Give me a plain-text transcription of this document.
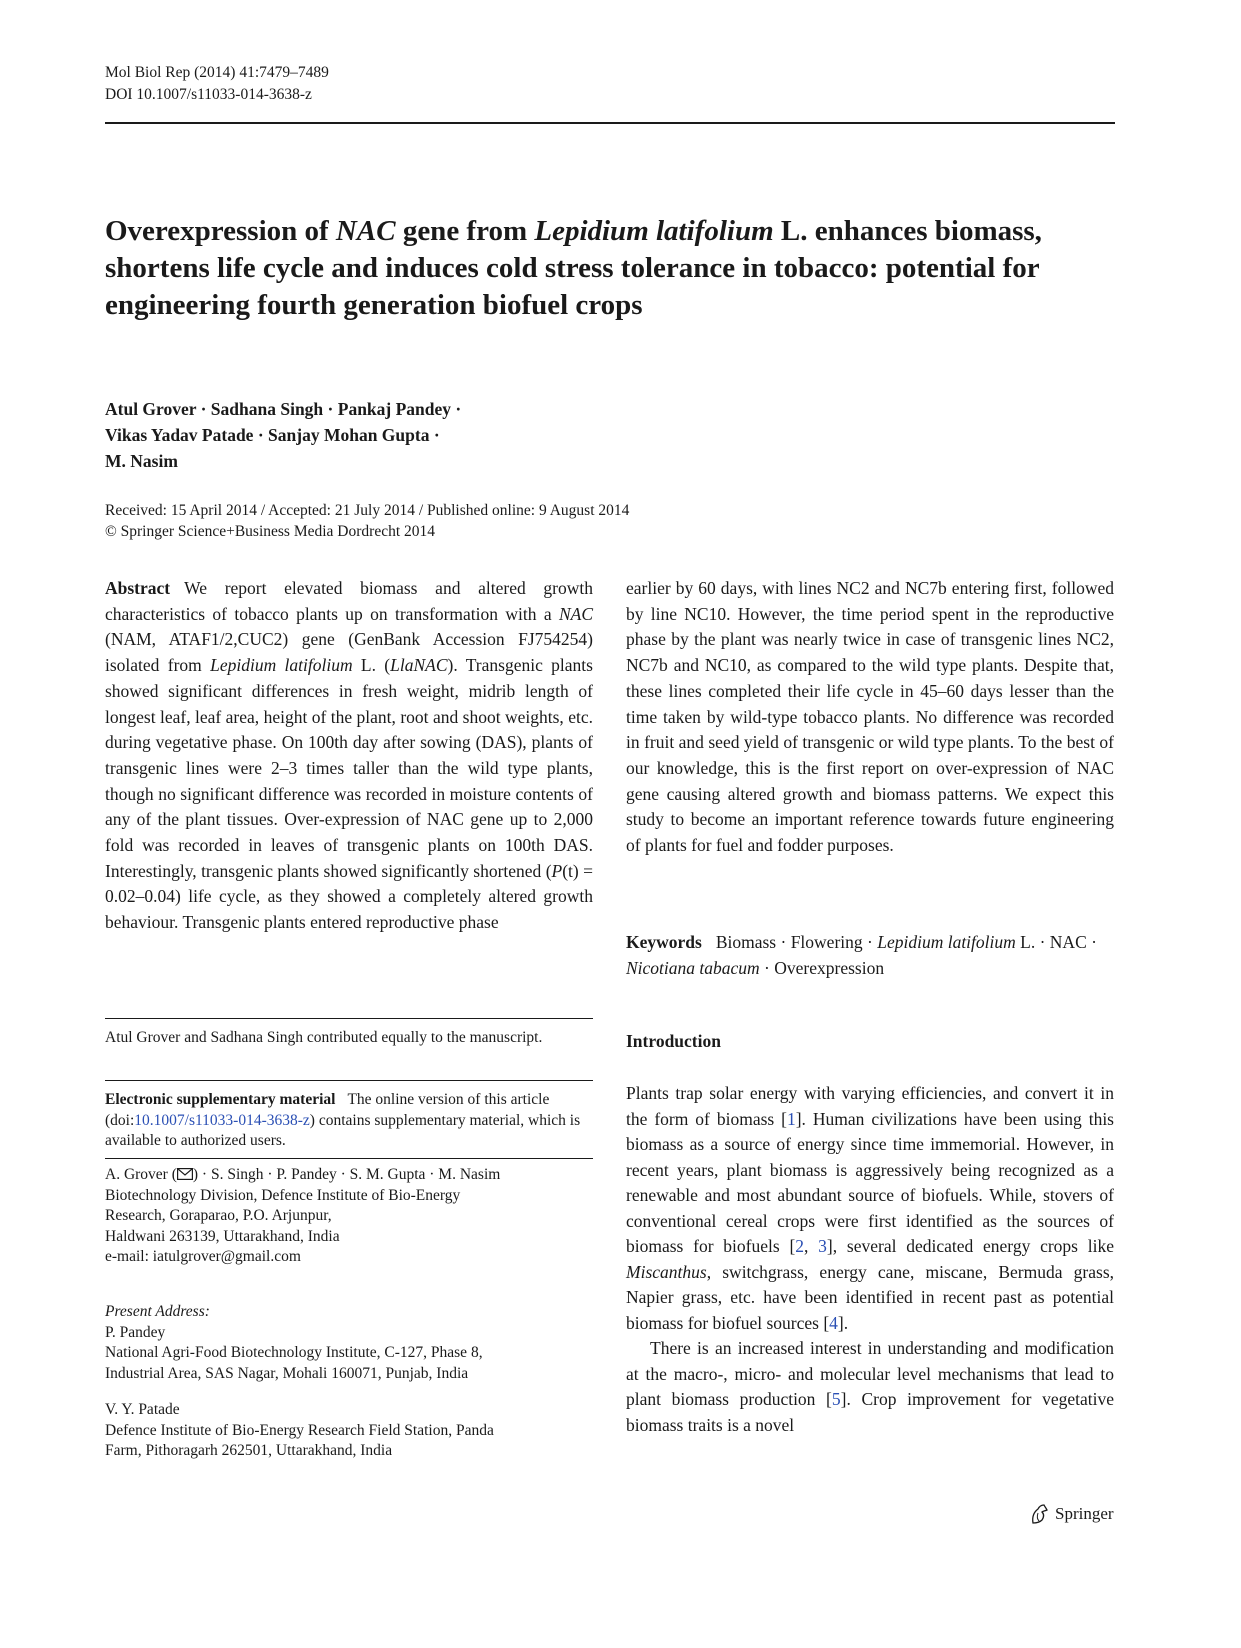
Mol Biol Rep (2014) 41:7479–7489
DOI 10.1007/s11033-014-3638-z
Overexpression of NAC gene from Lepidium latifolium L. enhances biomass, shortens life cycle and induces cold stress tolerance in tobacco: potential for engineering fourth generation biofuel crops
Atul Grover · Sadhana Singh · Pankaj Pandey ·
Vikas Yadav Patade · Sanjay Mohan Gupta ·
M. Nasim
Received: 15 April 2014 / Accepted: 21 July 2014 / Published online: 9 August 2014
© Springer Science+Business Media Dordrecht 2014
Abstract We report elevated biomass and altered growth characteristics of tobacco plants up on transformation with a NAC (NAM, ATAF1/2,CUC2) gene (GenBank Accession FJ754254) isolated from Lepidium latifolium L. (LlaNAC). Transgenic plants showed significant differences in fresh weight, midrib length of longest leaf, leaf area, height of the plant, root and shoot weights, etc. during vegetative phase. On 100th day after sowing (DAS), plants of transgenic lines were 2–3 times taller than the wild type plants, though no significant difference was recorded in moisture contents of any of the plant tissues. Over-expression of NAC gene up to 2,000 fold was recorded in leaves of transgenic plants on 100th DAS. Interestingly, transgenic plants showed significantly shortened (P(t) = 0.02–0.04) life cycle, as they showed a completely altered growth behaviour. Transgenic plants entered reproductive phase
earlier by 60 days, with lines NC2 and NC7b entering first, followed by line NC10. However, the time period spent in the reproductive phase by the plant was nearly twice in case of transgenic lines NC2, NC7b and NC10, as compared to the wild type plants. Despite that, these lines completed their life cycle in 45–60 days lesser than the time taken by wild-type tobacco plants. No difference was recorded in fruit and seed yield of transgenic or wild type plants. To the best of our knowledge, this is the first report on over-expression of NAC gene causing altered growth and biomass patterns. We expect this study to become an important reference towards future engineering of plants for fuel and fodder purposes.
Keywords Biomass · Flowering · Lepidium latifolium L. · NAC · Nicotiana tabacum · Overexpression
Introduction

Plants trap solar energy with varying efficiencies, and convert it in the form of biomass [1]. Human civilizations have been using this biomass as a source of energy since time immemorial. However, in recent years, plant biomass is aggressively being recognized as a renewable and most abundant source of biofuels. While, stovers of conventional cereal crops were first identified as the sources of biomass for biofuels [2, 3], several dedicated energy crops like Miscanthus, switchgrass, energy cane, miscane, Bermuda grass, Napier grass, etc. have been identified in recent past as potential biomass for biofuel sources [4].

There is an increased interest in understanding and modification at the macro-, micro- and molecular level mechanisms that lead to plant biomass production [5]. Crop improvement for vegetative biomass traits is a novel

Atul Grover and Sadhana Singh contributed equally to the manuscript.
Electronic supplementary material The online version of this article (doi:10.1007/s11033-014-3638-z) contains supplementary material, which is available to authorized users.
A. Grover ( ) · S. Singh · P. Pandey · S. M. Gupta · M. Nasim
Biotechnology Division, Defence Institute of Bio-Energy
Research, Goraparao, P.O. Arjunpur,
Haldwani 263139, Uttarakhand, India
e-mail: iatulgrover@gmail.com
Present Address:
P. Pandey
National Agri-Food Biotechnology Institute, C-127, Phase 8,
Industrial Area, SAS Nagar, Mohali 160071, Punjab, India
V. Y. Patade
Defence Institute of Bio-Energy Research Field Station, Panda
Farm, Pithoragarh 262501, Uttarakhand, India
Springer
